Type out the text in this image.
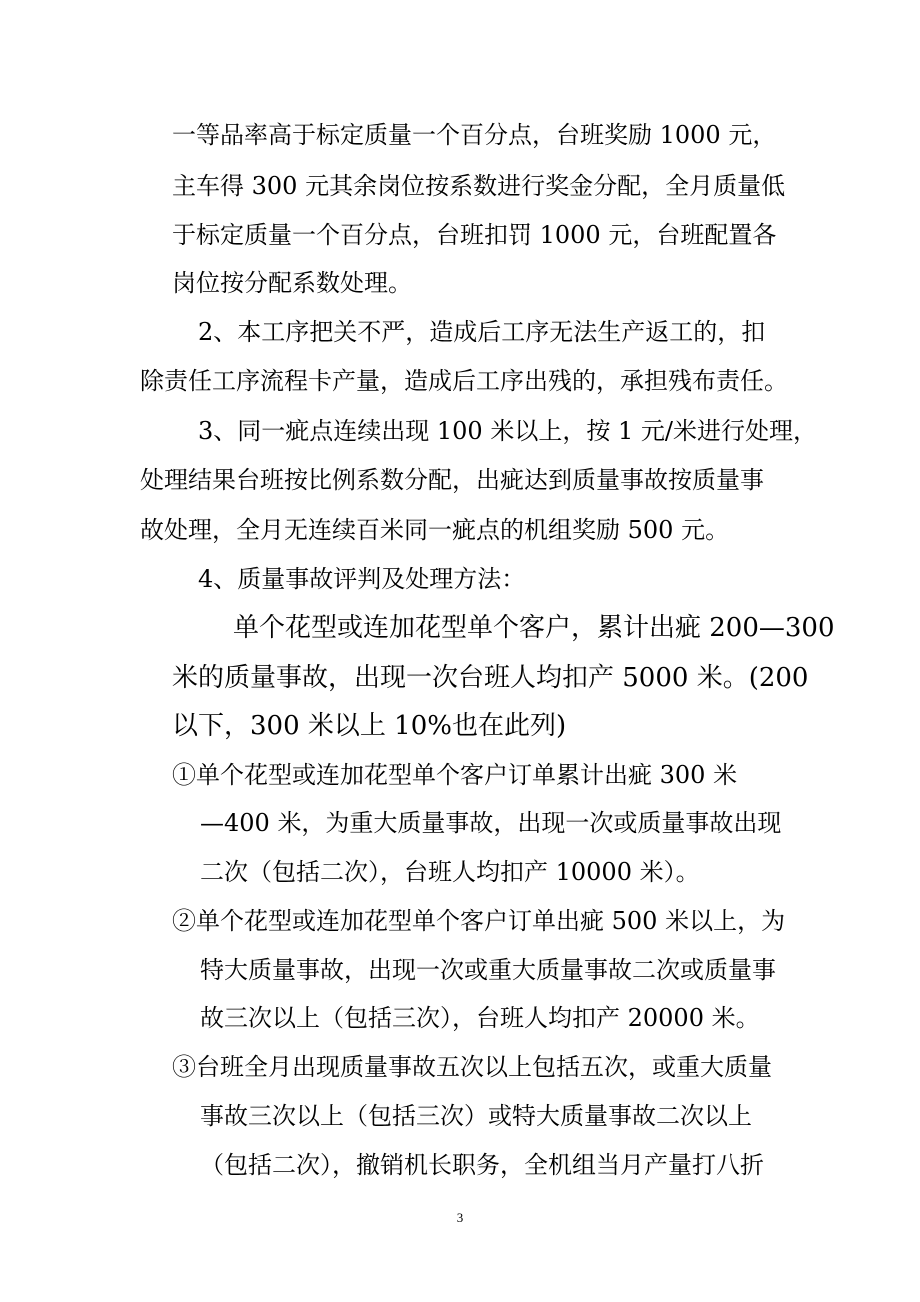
一等品率高于标定质量一个百分点，台班奖励 1000 元，
主车得 300 元其余岗位按系数进行奖金分配，全月质量低
于标定质量一个百分点，台班扣罚 1000 元，台班配置各
岗位按分配系数处理。
2、本工序把关不严，造成后工序无法生产返工的，扣
除责任工序流程卡产量，造成后工序出残的，承担残布责任。
3、同一疵点连续出现 100 米以上，按 1 元/米进行处理，
处理结果台班按比例系数分配，出疵达到质量事故按质量事
故处理，全月无连续百米同一疵点的机组奖励 500 元。
4、质量事故评判及处理方法：
单个花型或连加花型单个客户，累计出疵 200—300
米的质量事故，出现一次台班人均扣产 5000 米。(200
以下，300 米以上 10%也在此列)
①单个花型或连加花型单个客户订单累计出疵 300 米
—400 米，为重大质量事故，出现一次或质量事故出现
二次（包括二次），台班人均扣产 10000 米）。
②单个花型或连加花型单个客户订单出疵 500 米以上，为
特大质量事故，出现一次或重大质量事故二次或质量事
故三次以上（包括三次），台班人均扣产 20000 米。
③台班全月出现质量事故五次以上包括五次，或重大质量
事故三次以上（包括三次）或特大质量事故二次以上
（包括二次），撤销机长职务，全机组当月产量打八折
3
